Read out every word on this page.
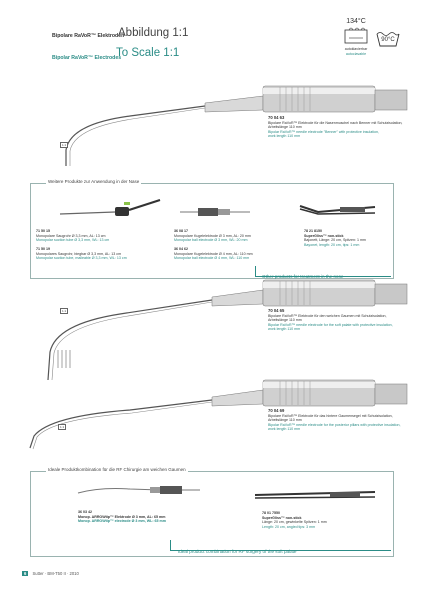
Bipolare RaVoR™ Elektroden
Abbildung 1:1
Bipolar RaVoR™ Electrodes
To Scale 1:1
134°C
autoklavierbar
autoclavable
90°C
1:1
70 04 63
Bipolare RaVoR™ Elektrode für die Nasenmuschel nach Benner mit Schutzisolation,
Arbeitslänge 110 mm
Bipolar RaVoR™ needle electrode "Benner" with protective insulation,
work length 110 mm
Weitere Produkte zur Anwendung in der Nase
71 50 15
Monopolare Saugrohr Ø 3,3 mm, AL: 13 cm
Monopolar suction tube Ø 3,3 mm, WL: 13 cm
71 50 19
Monopolares Saugrohr, biegbar Ø 3,3 mm, AL: 13 cm
Monopolar suction tube, malleable Ø 3,3 mm, WL: 13 cm
36 08 17
Monopolare Kugelelektrode Ø 3 mm, AL: 20 mm
Monopolar ball electrode Ø 3 mm, WL: 20 mm
36 04 62
Monopolare Kugelelektrode Ø 4 mm, AL: 110 mm
Monopolar ball electrode Ø 4 mm, WL: 110 mm
78 21 8150
SuperGliss™ non-stick
Bajonett, Länge: 20 cm, Spitzen: 1 mm
Bayonet, length: 20 cm, tips: 1 mm
Other products for treatment in the nose
1:1	70 04 65
Bipolare RaVoR™ Elektrode für den weichen Gaumen mit Schutzisolation,
Arbeitslänge 110 mm
Bipolar RaVoR™ needle electrode for the soft palate with protective insulation,
work length 110 mm
1:1
70 04 69
Bipolare RaVoR™ Elektrode für das hintere Gaumensegel mit Schutzisolation,
Arbeitslänge 110 mm
Bipolar RaVoR™ needle electrode for the posterior pillars with protective insulation,
work length 110 mm
Ideale Produktkombination für die RF Chirurgie am weichen Gaumen
36 03 42
Monop. ARROWtip™ Elektrode Ø 3 mm, AL: 65 mm
Monop. ARROWtip™ electrode Ø 3 mm, WL: 65 mm
78 01 7550
SuperGliss™ non-stick
Länge: 20 cm, gewinkelte Spitzen: 1 mm
Length: 20 cm, angled tips: 3 mm
Ideal product combination for RF surgery of the soft palate
6 Sutter · BM-T50 II · 2010
